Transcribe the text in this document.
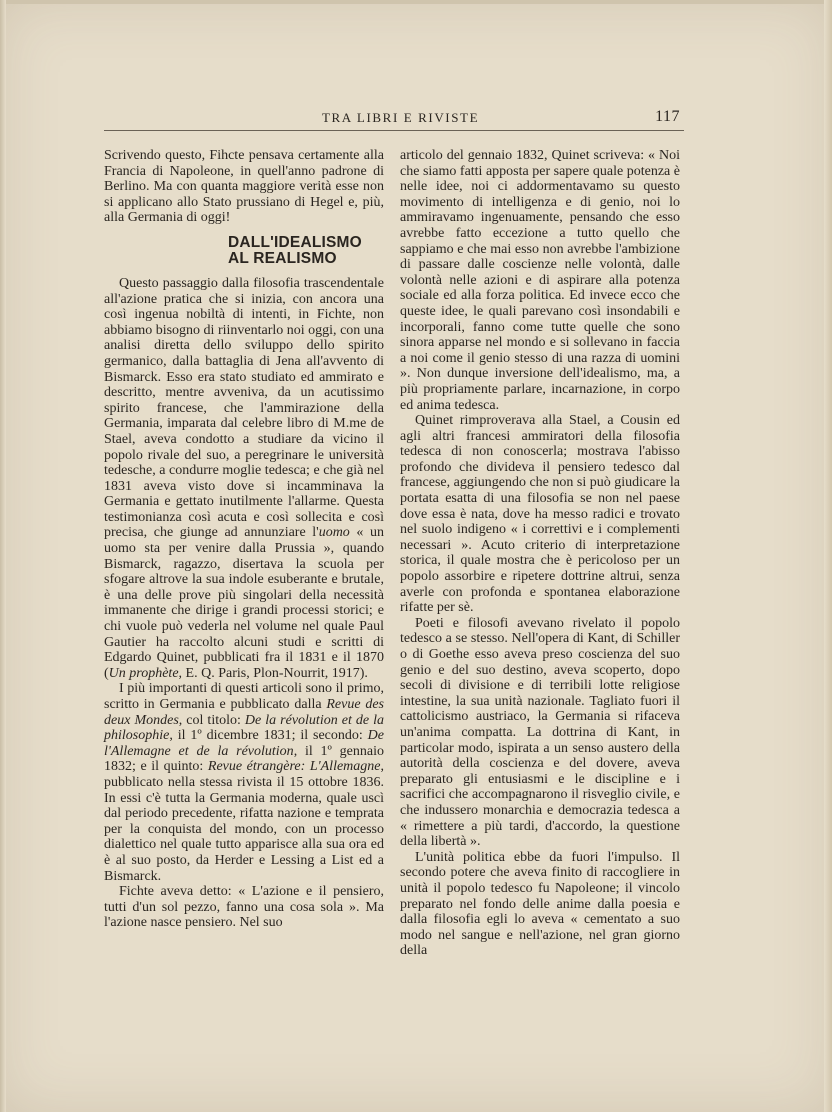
TRA LIBRI E RIVISTE	117

Scrivendo questo, Fihcte pensava certamente alla Francia di Napoleone, in quell'anno padrone di Berlino. Ma con quanta maggiore verità esse non si applicano allo Stato prussiano di Hegel e, più, alla Germania di oggi!

DALL'IDEALISMO AL REALISMO

Questo passaggio dalla filosofia trascendentale all'azione pratica che si inizia, con ancora una così ingenua nobiltà di intenti, in Fichte, non abbiamo bisogno di riinventarlo noi oggi, con una analisi diretta dello sviluppo dello spirito germanico, dalla battaglia di Jena all'avvento di Bismarck. Esso era stato studiato ed ammirato e descritto, mentre avveniva, da un acutissimo spirito francese, che l'ammirazione della Germania, imparata dal celebre libro di M.me de Stael, aveva condotto a studiare da vicino il popolo rivale del suo, a peregrinare le università tedesche, a condurre moglie tedesca; e che già nel 1831 aveva visto dove si incamminava la Germania e gettato inutilmente l'allarme. Questa testimonianza così acuta e così sollecita e così precisa, che giunge ad annunziare l'uomo « un uomo sta per venire dalla Prussia », quando Bismarck, ragazzo, disertava la scuola per sfogare altrove la sua indole esuberante e brutale, è una delle prove più singolari della necessità immanente che dirige i grandi processi storici; e chi vuole può vederla nel volume nel quale Paul Gautier ha raccolto alcuni studi e scritti di Edgardo Quinet, pubblicati fra il 1831 e il 1870 (Un prophète, E. Q. Paris, Plon-Nourrit, 1917).

I più importanti di questi articoli sono il primo, scritto in Germania e pubblicato dalla Revue des deux Mondes, col titolo: De la révolution et de la philosophie, il 1º dicembre 1831; il secondo: De l'Allemagne et de la révolution, il 1º gennaio 1832; e il quinto: Revue étrangère: L'Allemagne, pubblicato nella stessa rivista il 15 ottobre 1836. In essi c'è tutta la Germania moderna, quale uscì dal periodo precedente, rifatta nazione e temprata per la conquista del mondo, con un processo dialettico nel quale tutto apparisce alla sua ora ed è al suo posto, da Herder e Lessing a List ed a Bismarck.

Fichte aveva detto: « L'azione e il pensiero, tutti d'un sol pezzo, fanno una cosa sola ». Ma l'azione nasce pensiero. Nel suo

articolo del gennaio 1832, Quinet scriveva: « Noi che siamo fatti apposta per sapere quale potenza è nelle idee, noi ci addormentavamo su questo movimento di intelligenza e di genio, noi lo ammiravamo ingenuamente, pensando che esso avrebbe fatto eccezione a tutto quello che sappiamo e che mai esso non avrebbe l'ambizione di passare dalle coscienze nelle volontà, dalle volontà nelle azioni e di aspirare alla potenza sociale ed alla forza politica. Ed invece ecco che queste idee, le quali parevano così insondabili e incorporali, fanno come tutte quelle che sono sinora apparse nel mondo e si sollevano in faccia a noi come il genio stesso di una razza di uomini ». Non dunque inversione dell'idealismo, ma, a più propriamente parlare, incarnazione, in corpo ed anima tedesca.

Quinet rimproverava alla Stael, a Cousin ed agli altri francesi ammiratori della filosofia tedesca di non conoscerla; mostrava l'abisso profondo che divideva il pensiero tedesco dal francese, aggiungendo che non si può giudicare la portata esatta di una filosofia se non nel paese dove essa è nata, dove ha messo radici e trovato nel suolo indigeno « i correttivi e i complementi necessari ». Acuto criterio di interpretazione storica, il quale mostra che è pericoloso per un popolo assorbire e ripetere dottrine altrui, senza averle con profonda e spontanea elaborazione rifatte per sè.

Poeti e filosofi avevano rivelato il popolo tedesco a se stesso. Nell'opera di Kant, di Schiller o di Goethe esso aveva preso coscienza del suo genio e del suo destino, aveva scoperto, dopo secoli di divisione e di terribili lotte religiose intestine, la sua unità nazionale. Tagliato fuori il cattolicismo austriaco, la Germania si rifaceva un'anima compatta. La dottrina di Kant, in particolar modo, ispirata a un senso austero della autorità della coscienza e del dovere, aveva preparato gli entusiasmi e le discipline e i sacrifici che accompagnarono il risveglio civile, e che indussero monarchia e democrazia tedesca a « rimettere a più tardi, d'accordo, la questione della libertà ».

L'unità politica ebbe da fuori l'impulso. Il secondo potere che aveva finito di raccogliere in unità il popolo tedesco fu Napoleone; il vincolo preparato nel fondo delle anime dalla poesia e dalla filosofia egli lo aveva « cementato a suo modo nel sangue e nell'azione, nel gran giorno della
